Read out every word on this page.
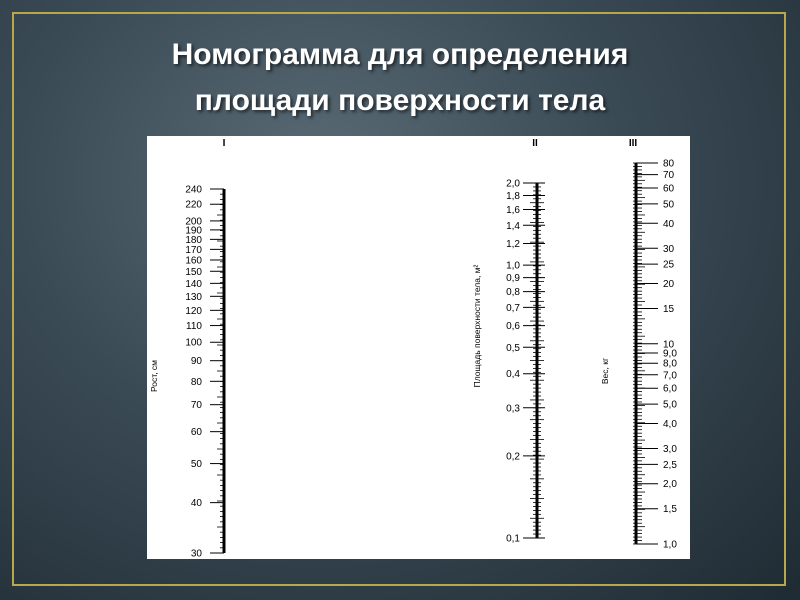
Номограмма для определения
площади поверхности тела
I
240
220
200
190
180
170
160
150
140
130
120
110
100
90
80
70
60
50
40
30
Рост, см
II
2,0
1,8
1,6
1,4
1,2
1,0
0,9
0,8
0,7
0,6
0,5
0,4
0,3
0,2
0,1
Площадь поверхности тела, м²
III
80
70
60
50
40
30
25
20
15
10
9,0
8,0
7,0
6,0
5,0
4,0
3,0
2,5
2,0
1,5
1,0
Вес, кг
